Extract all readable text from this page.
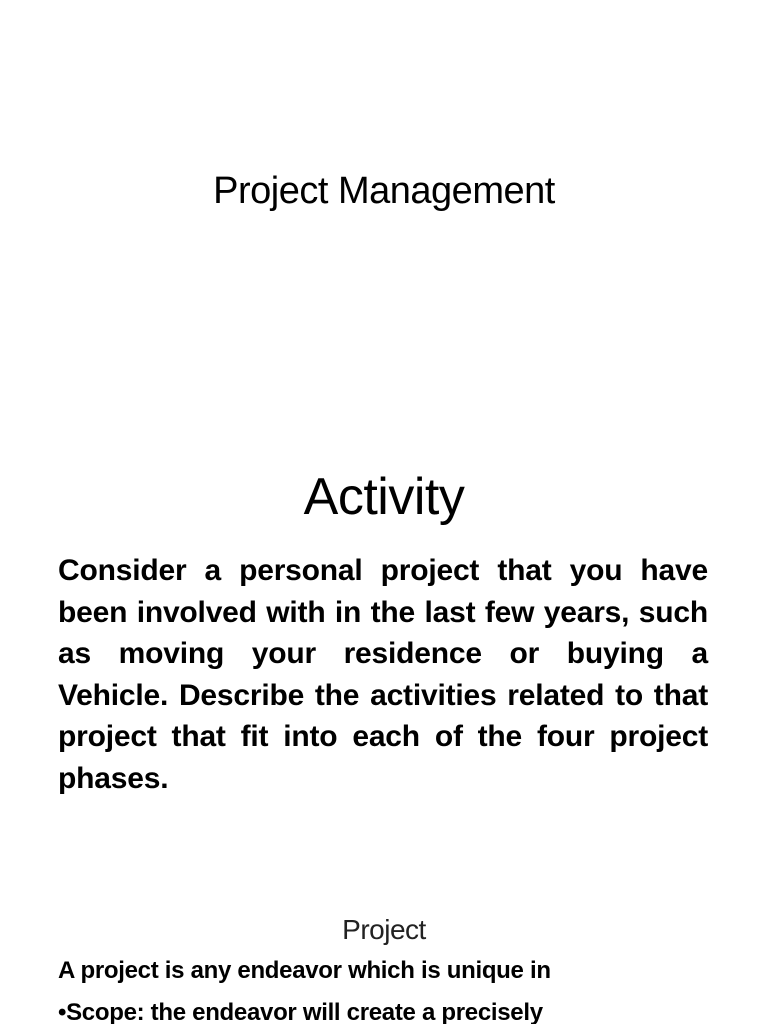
Project Management
Activity
Consider a personal project that you have been involved with in the last few years, such as moving your residence or buying a Vehicle. Describe the activities related to that project that fit into each of the four project phases.
Project
A project is any endeavor which is unique in
•Scope: the endeavor will create a precisely
